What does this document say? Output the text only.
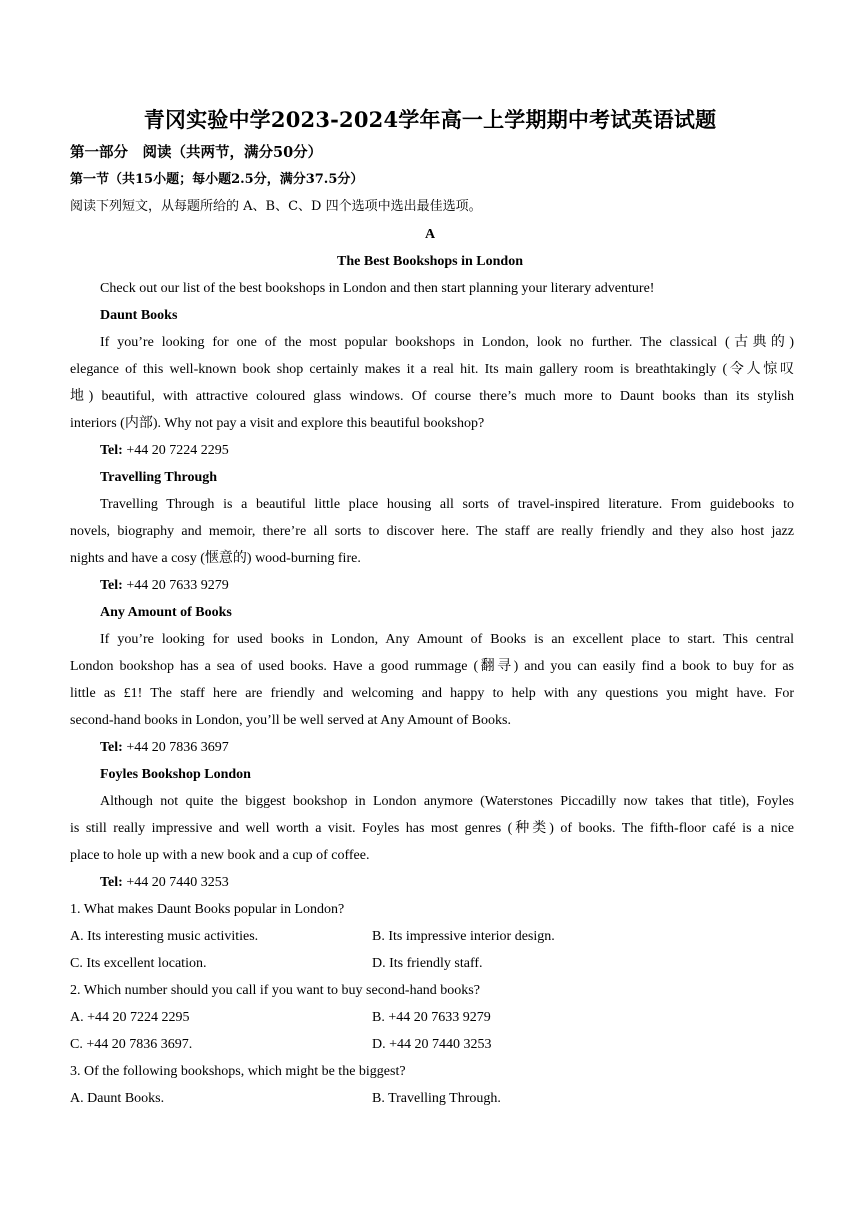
青冈实验中学2023-2024学年高一上学期期中考试英语试题
第一部分　阅读（共两节，满分50分）
第一节（共15小题；每小题2.5分，满分37.5分）
阅读下列短文，从每题所给的 A、B、C、D 四个选项中选出最佳选项。
A
The Best Bookshops in London
Check out our list of the best bookshops in London and then start planning your literary adventure!
Daunt Books
If you’re looking for one of the most popular bookshops in London, look no further. The classical (古典的)
elegance of this well-known book shop certainly makes it a real hit. Its main gallery room is breathtakingly (令人惊叹
地) beautiful, with attractive coloured glass windows. Of course there’s much more to Daunt books than its stylish
interiors (内部). Why not pay a visit and explore this beautiful bookshop?
Tel: +44 20 7224 2295
Travelling Through
Travelling Through is a beautiful little place housing all sorts of travel-inspired literature. From guidebooks to
novels, biography and memoir, there’re all sorts to discover here. The staff are really friendly and they also host jazz
nights and have a cosy (惬意的) wood-burning fire.
Tel: +44 20 7633 9279
Any Amount of Books
If you’re looking for used books in London, Any Amount of Books is an excellent place to start. This central
London bookshop has a sea of used books. Have a good rummage (翻寻) and you can easily find a book to buy for as
little as £1! The staff here are friendly and welcoming and happy to help with any questions you might have. For
second-hand books in London, you’ll be well served at Any Amount of Books.
Tel: +44 20 7836 3697
Foyles Bookshop London
Although not quite the biggest bookshop in London anymore (Waterstones Piccadilly now takes that title), Foyles
is still really impressive and well worth a visit. Foyles has most genres (种类) of books. The fifth-floor café is a nice
place to hole up with a new book and a cup of coffee.
Tel: +44 20 7440 3253
1. What makes Daunt Books popular in London?
A. Its interesting music activities.	B. Its impressive interior design.
C. Its excellent location.	D. Its friendly staff.
2. Which number should you call if you want to buy second-hand books?
A. +44 20 7224 2295	B. +44 20 7633 9279
C. +44 20 7836 3697.	D. +44 20 7440 3253
3. Of the following bookshops, which might be the biggest?
A. Daunt Books.	B. Travelling Through.
